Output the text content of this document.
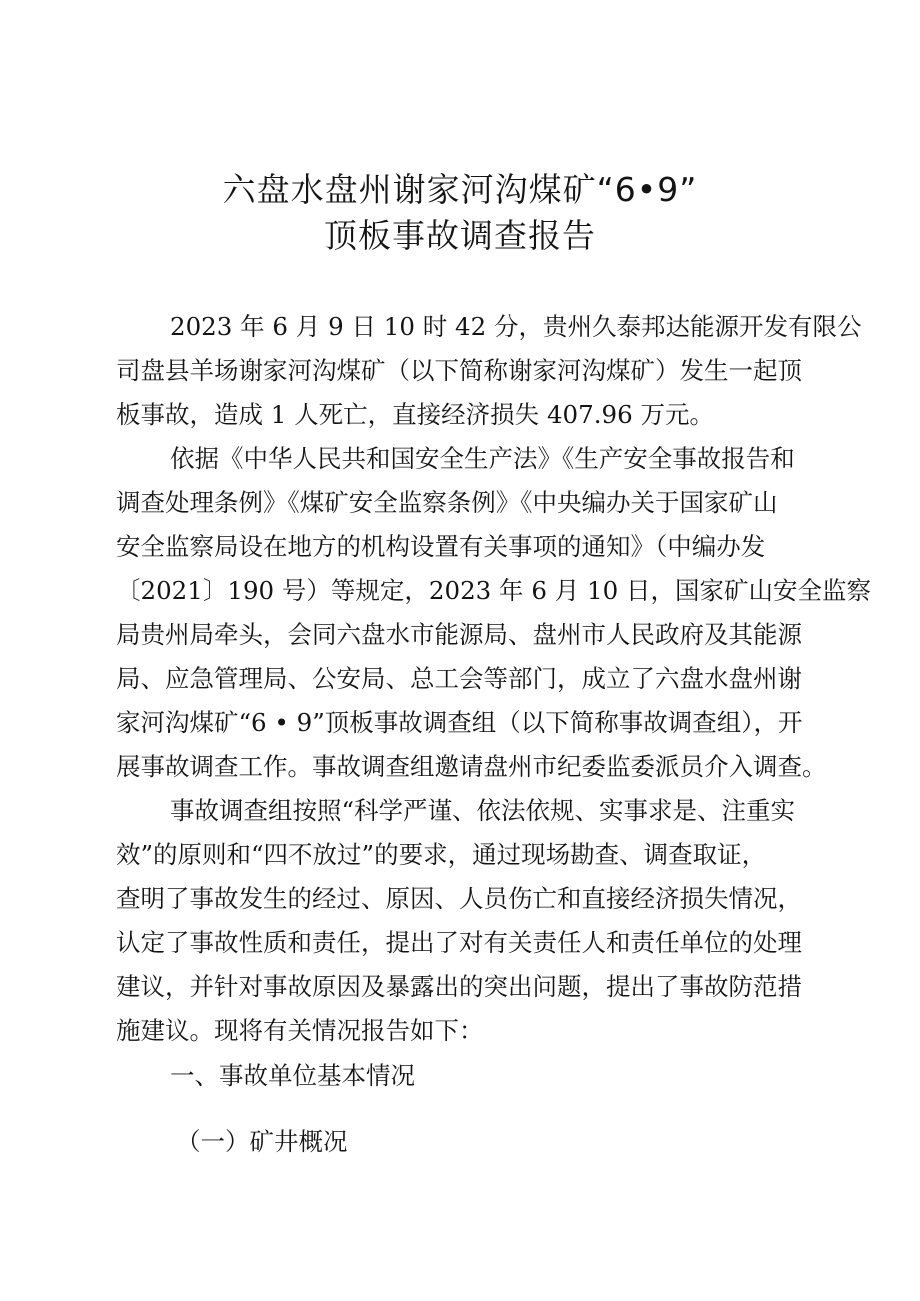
六盘水盘州谢家河沟煤矿“6•9”
顶板事故调查报告
2023 年 6 月 9 日 10 时 42 分，贵州久泰邦达能源开发有限公
司盘县羊场谢家河沟煤矿（以下简称谢家河沟煤矿）发生一起顶
板事故，造成 1 人死亡，直接经济损失 407.96 万元。
依据《中华人民共和国安全生产法》《生产安全事故报告和
调查处理条例》《煤矿安全监察条例》《中央编办关于国家矿山
安全监察局设在地方的机构设置有关事项的通知》（中编办发
〔2021〕190 号）等规定，2023 年 6 月 10 日，国家矿山安全监察
局贵州局牵头，会同六盘水市能源局、盘州市人民政府及其能源
局、应急管理局、公安局、总工会等部门，成立了六盘水盘州谢
家河沟煤矿“6 • 9”顶板事故调查组（以下简称事故调查组），开
展事故调查工作。事故调查组邀请盘州市纪委监委派员介入调查。
事故调查组按照“科学严谨、依法依规、实事求是、注重实
效”的原则和“四不放过”的要求，通过现场勘查、调查取证，
查明了事故发生的经过、原因、人员伤亡和直接经济损失情况，
认定了事故性质和责任，提出了对有关责任人和责任单位的处理
建议，并针对事故原因及暴露出的突出问题，提出了事故防范措
施建议。现将有关情况报告如下：
一、事故单位基本情况
（一）矿井概况
